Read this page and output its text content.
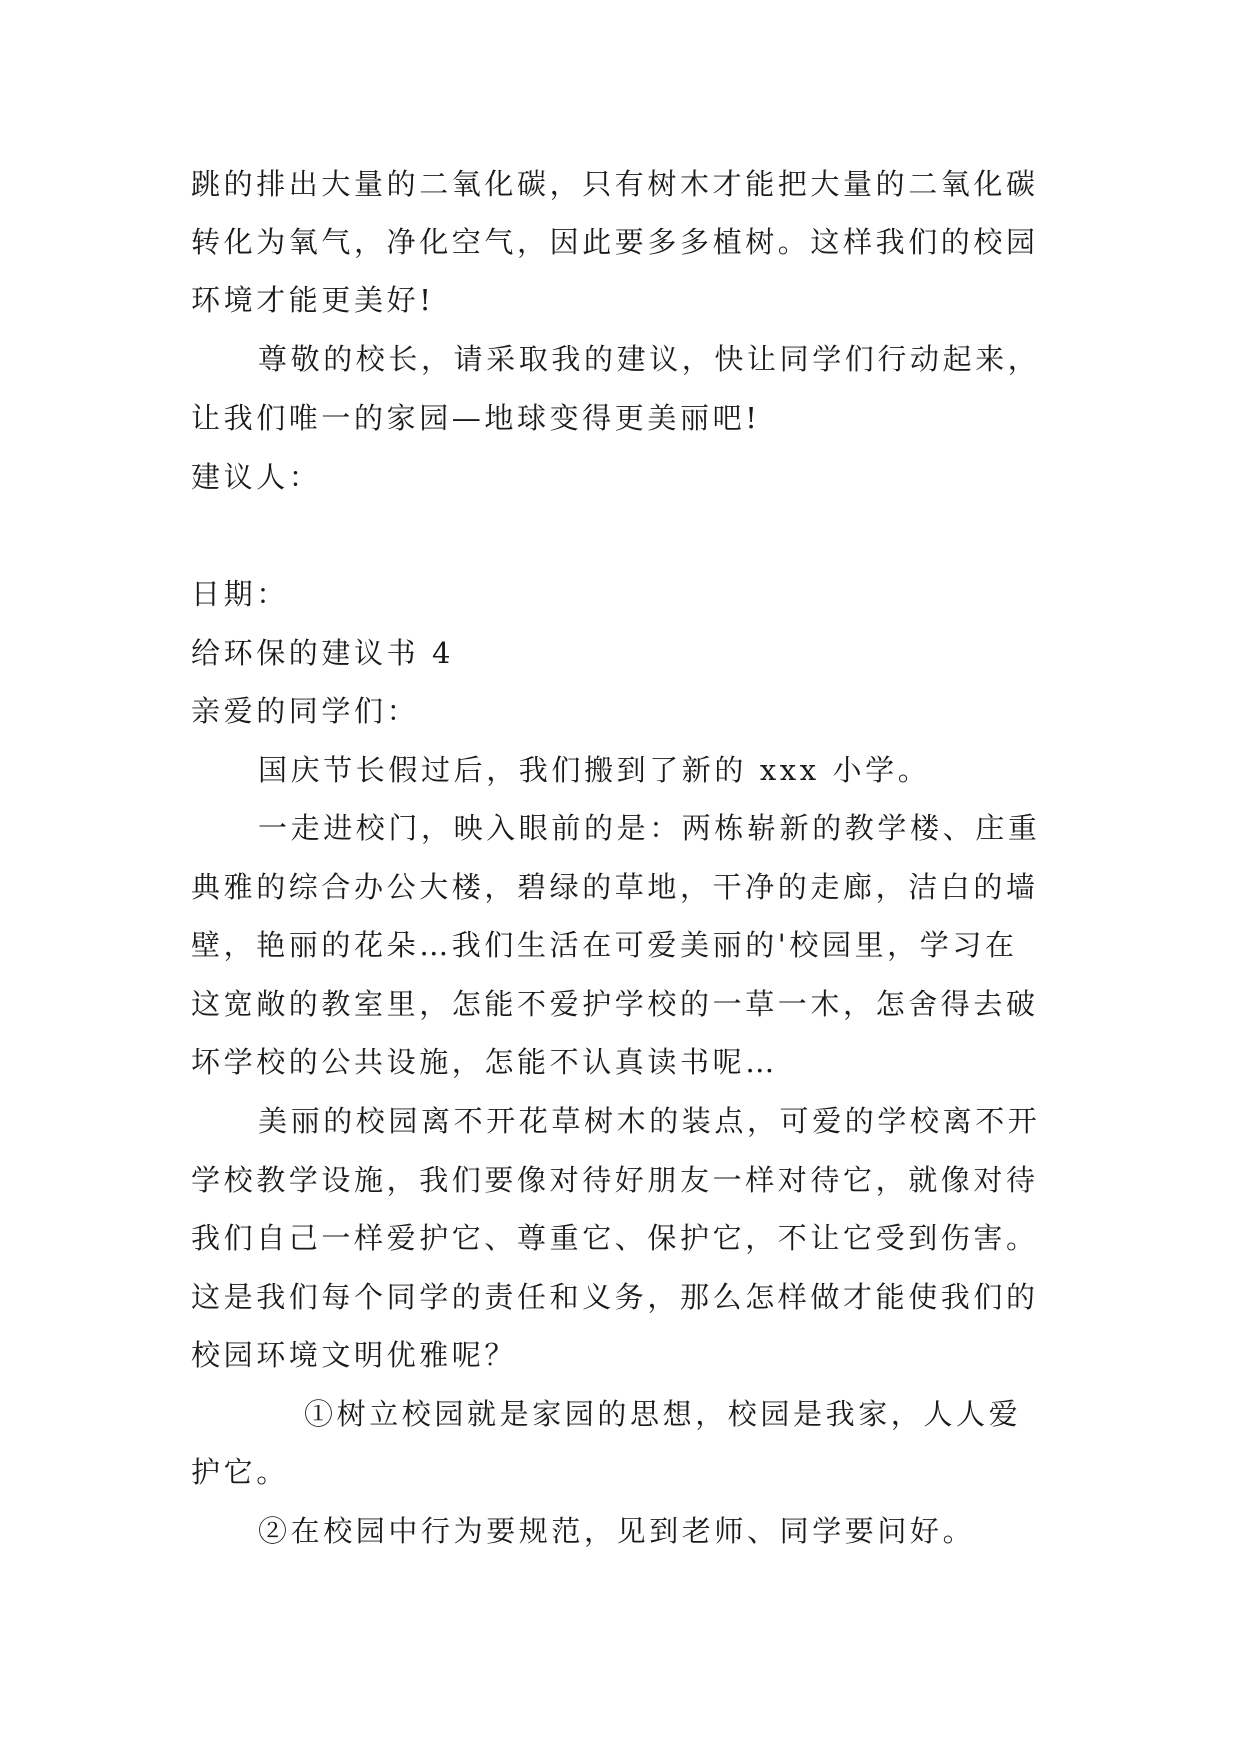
跳的排出大量的二氧化碳，只有树木才能把大量的二氧化碳
转化为氧气，净化空气，因此要多多植树。这样我们的校园
环境才能更美好!
尊敬的校长，请采取我的建议，快让同学们行动起来，
让我们唯一的家园—地球变得更美丽吧!
建议人：
日期：
给环保的建议书 4
亲爱的同学们：
国庆节长假过后，我们搬到了新的 xxx 小学。
一走进校门，映入眼前的是：两栋崭新的教学楼、庄重
典雅的综合办公大楼，碧绿的草地，干净的走廊，洁白的墙
壁，艳丽的花朵…我们生活在可爱美丽的'校园里，学习在
这宽敞的教室里，怎能不爱护学校的一草一木，怎舍得去破
坏学校的公共设施，怎能不认真读书呢…
美丽的校园离不开花草树木的装点，可爱的学校离不开
学校教学设施，我们要像对待好朋友一样对待它，就像对待
我们自己一样爱护它、尊重它、保护它，不让它受到伤害。
这是我们每个同学的责任和义务，那么怎样做才能使我们的
校园环境文明优雅呢？
①树立校园就是家园的思想，校园是我家，人人爱
护它。
②在校园中行为要规范，见到老师、同学要问好。
